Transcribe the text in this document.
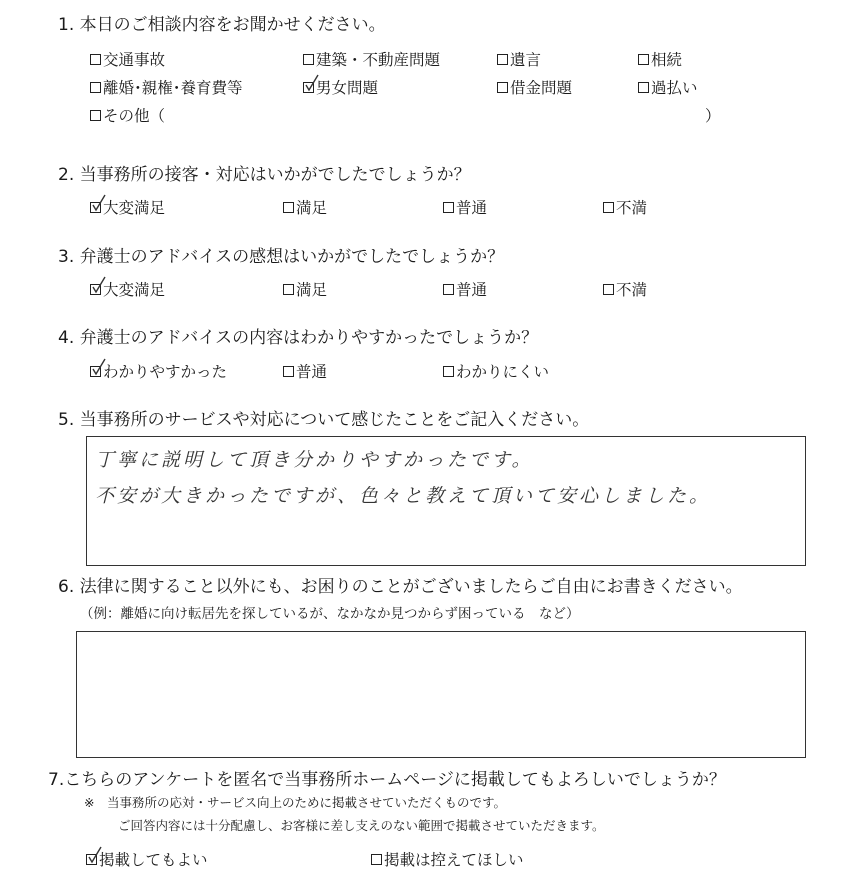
1. 本日のご相談内容をお聞かせください。
交通事故	建築・不動産問題	遺言	相続
離婚･親権･養育費等	男女問題	借金問題	過払い
その他（	）
2. 当事務所の接客・対応はいかがでしたでしょうか？
大変満足	満足	普通	不満
3. 弁護士のアドバイスの感想はいかがでしたでしょうか？
大変満足	満足	普通	不満
4. 弁護士のアドバイスの内容はわかりやすかったでしょうか？
わかりやすかった	普通	わかりにくい
5. 当事務所のサービスや対応について感じたことをご記入ください。
丁寧に説明して頂き分かりやすかったです。
不安が大きかったですが、色々と教えて頂いて安心しました。
6. 法律に関すること以外にも、お困りのことがございましたらご自由にお書きください。
（例：離婚に向け転居先を探しているが、なかなか見つからず困っている　など）
7.こちらのアンケートを匿名で当事務所ホームページに掲載してもよろしいでしょうか？
※　当事務所の応対・サービス向上のために掲載させていただくものです。
ご回答内容には十分配慮し、お客様に差し支えのない範囲で掲載させていただきます。
掲載してもよい	掲載は控えてほしい
